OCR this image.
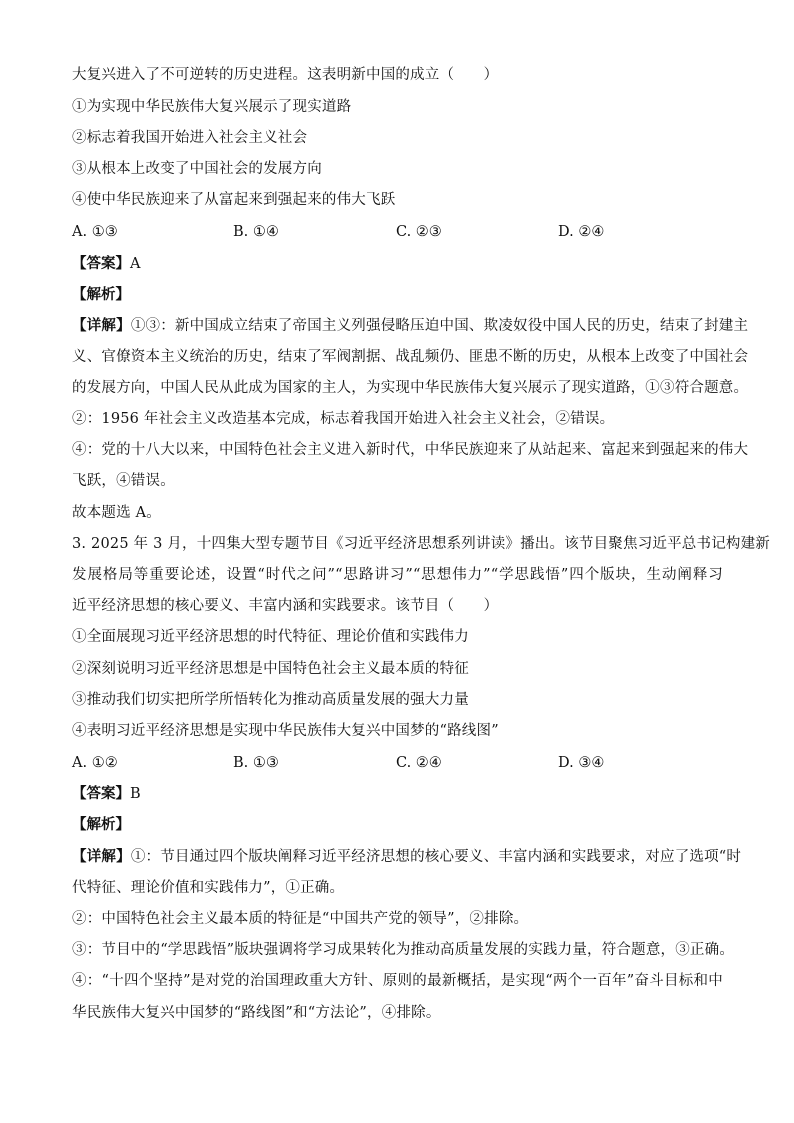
大复兴进入了不可逆转的历史进程。这表明新中国的成立（　　）
①为实现中华民族伟大复兴展示了现实道路
②标志着我国开始进入社会主义社会
③从根本上改变了中国社会的发展方向
④使中华民族迎来了从富起来到强起来的伟大飞跃
A. ①③	B. ①④	C. ②③	D. ②④
【答案】A
【解析】
【详解】①③：新中国成立结束了帝国主义列强侵略压迫中国、欺凌奴役中国人民的历史，结束了封建主
义、官僚资本主义统治的历史，结束了军阀割据、战乱频仍、匪患不断的历史，从根本上改变了中国社会
的发展方向，中国人民从此成为国家的主人，为实现中华民族伟大复兴展示了现实道路，①③符合题意。
②：1956 年社会主义改造基本完成，标志着我国开始进入社会主义社会，②错误。
④：党的十八大以来，中国特色社会主义进入新时代，中华民族迎来了从站起来、富起来到强起来的伟大
飞跃，④错误。
故本题选 A。
3. 2025 年 3 月，十四集大型专题节目《习近平经济思想系列讲读》播出。该节目聚焦习近平总书记构建新
发展格局等重要论述，设置“时代之问”“思路讲习”“思想伟力”“学思践悟”四个版块，生动阐释习
近平经济思想的核心要义、丰富内涵和实践要求。该节目（　　）
①全面展现习近平经济思想的时代特征、理论价值和实践伟力
②深刻说明习近平经济思想是中国特色社会主义最本质的特征
③推动我们切实把所学所悟转化为推动高质量发展的强大力量
④表明习近平经济思想是实现中华民族伟大复兴中国梦的“路线图”
A. ①②	B. ①③	C. ②④	D. ③④
【答案】B
【解析】
【详解】①：节目通过四个版块阐释习近平经济思想的核心要义、丰富内涵和实践要求，对应了选项“时
代特征、理论价值和实践伟力”，①正确。
②：中国特色社会主义最本质的特征是“中国共产党的领导”，②排除。
③：节目中的“学思践悟”版块强调将学习成果转化为推动高质量发展的实践力量，符合题意，③正确。
④：“十四个坚持”是对党的治国理政重大方针、原则的最新概括，是实现“两个一百年”奋斗目标和中
华民族伟大复兴中国梦的“路线图”和“方法论”，④排除。
